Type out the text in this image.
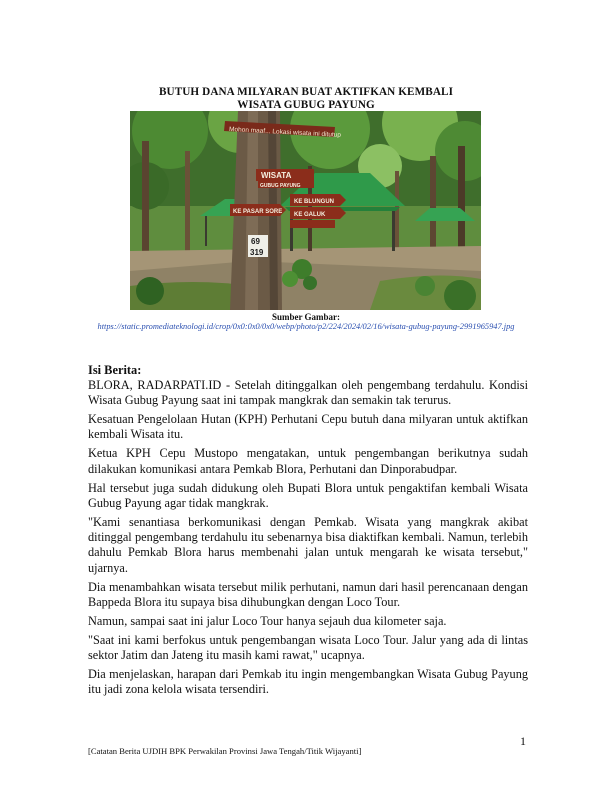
BUTUH DANA MILYARAN BUAT AKTIFKAN KEMBALI
WISATA GUBUG PAYUNG
Mohon maaf... Lokasi wisata ini ditutup
WISATA
GUBUG PAYUNG
KE PASAR SORE
KE BLUNGUN
KE GALUK
69
319
Sumber Gambar:
https://static.promediateknologi.id/crop/0x0:0x0/0x0/webp/photo/p2/224/2024/02/16/wisata-gubug-payung-2991965947.jpg
Isi Berita:

BLORA, RADARPATI.ID - Setelah ditinggalkan oleh pengembang terdahulu. Kondisi Wisata Gubug Payung saat ini tampak mangkrak dan semakin tak terurus.

Kesatuan Pengelolaan Hutan (KPH) Perhutani Cepu butuh dana milyaran untuk aktifkan kembali Wisata itu.

Ketua KPH Cepu Mustopo mengatakan, untuk pengembangan berikutnya sudah dilakukan komunikasi antara Pemkab Blora, Perhutani dan Dinporabudpar.

Hal tersebut juga sudah didukung oleh Bupati Blora untuk pengaktifan kembali Wisata Gubug Payung agar tidak mangkrak.

"Kami senantiasa berkomunikasi dengan Pemkab. Wisata yang mangkrak akibat ditinggal pengembang terdahulu itu sebenarnya bisa diaktifkan kembali. Namun, terlebih dahulu Pemkab Blora harus membenahi jalan untuk mengarah ke wisata tersebut," ujarnya.

Dia menambahkan wisata tersebut milik perhutani, namun dari hasil perencanaan dengan Bappeda Blora itu supaya bisa dihubungkan dengan Loco Tour.

Namun, sampai saat ini jalur Loco Tour hanya sejauh dua kilometer saja.

"Saat ini kami berfokus untuk pengembangan wisata Loco Tour. Jalur yang ada di lintas sektor Jatim dan Jateng itu masih kami rawat," ucapnya.

Dia menjelaskan, harapan dari Pemkab itu ingin mengembangkan Wisata Gubug Payung itu jadi zona kelola wisata tersendiri.

1
[Catatan Berita UJDIH BPK Perwakilan Provinsi Jawa Tengah/Titik Wijayanti]
